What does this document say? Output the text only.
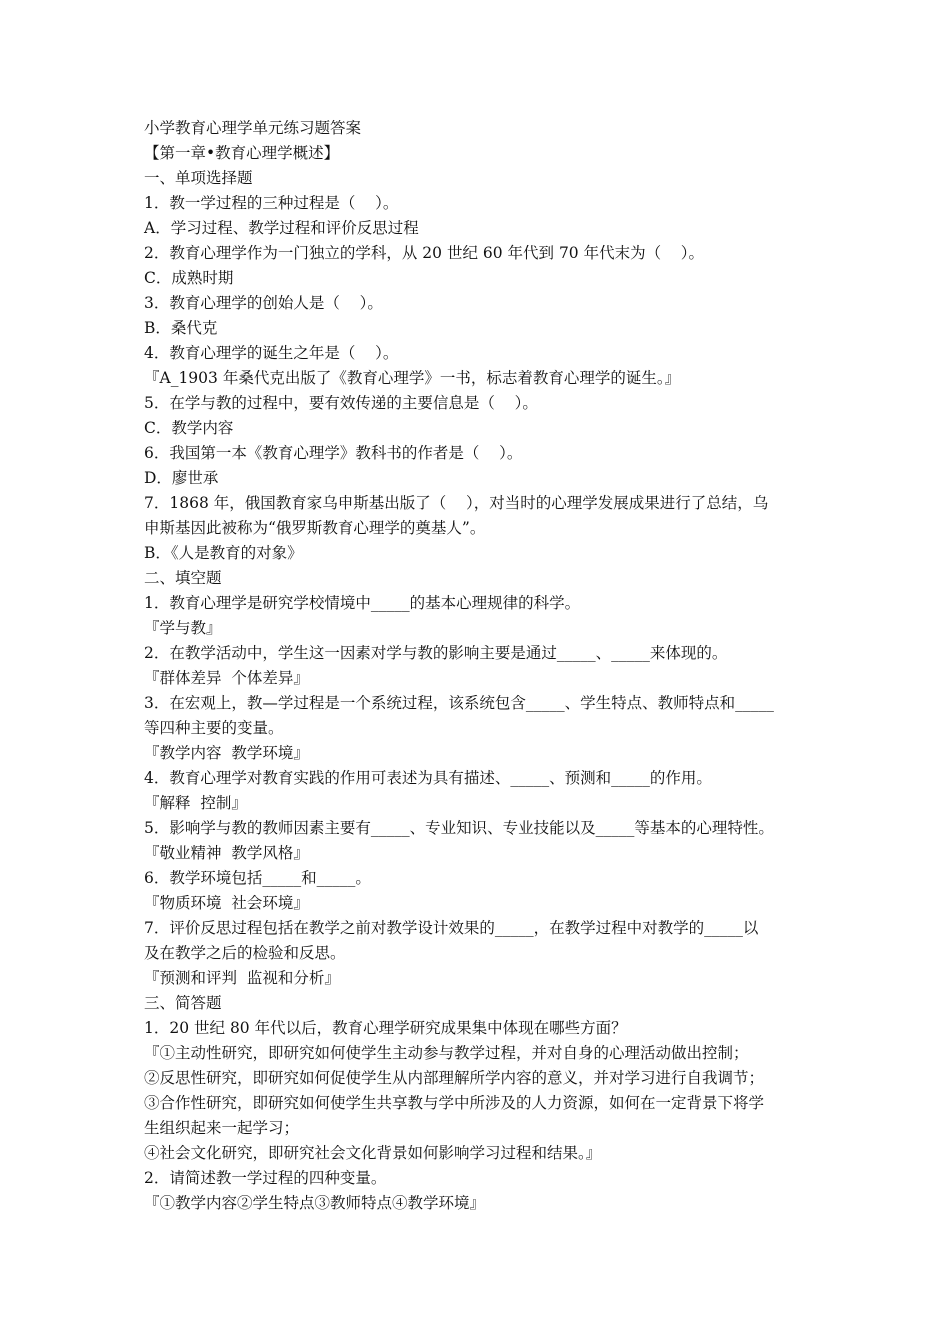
小学教育心理学单元练习题答案
【第一章•教育心理学概述】
一、单项选择题
1．教一学过程的三种过程是（    ）。
A．学习过程、教学过程和评价反思过程
2．教育心理学作为一门独立的学科，从 20 世纪 60 年代到 70 年代末为（    ）。
C．成熟时期
3．教育心理学的创始人是（    ）。
B．桑代克
4．教育心理学的诞生之年是（    ）。
『A_1903 年桑代克出版了《教育心理学》一书，标志着教育心理学的诞生。』
5．在学与教的过程中，要有效传递的主要信息是（    ）。
C．教学内容
6．我国第一本《教育心理学》教科书的作者是（    ）。
D．廖世承
7．1868 年，俄国教育家乌申斯基出版了（    ），对当时的心理学发展成果进行了总结，乌
申斯基因此被称为“俄罗斯教育心理学的奠基人”。
B．《人是教育的对象》
二、填空题
1．教育心理学是研究学校情境中_____的基本心理规律的科学。
『学与教』
2．在教学活动中，学生这一因素对学与教的影响主要是通过_____、_____来体现的。
『群体差异  个体差异』
3．在宏观上，教—学过程是一个系统过程，该系统包含_____、学生特点、教师特点和_____
等四种主要的变量。
『教学内容  教学环境』
4．教育心理学对教育实践的作用可表述为具有描述、_____、预测和_____的作用。
『解释  控制』
5．影响学与教的教师因素主要有_____、专业知识、专业技能以及_____等基本的心理特性。
『敬业精神  教学风格』
6．教学环境包括_____和_____。
『物质环境  社会环境』
7．评价反思过程包括在教学之前对教学设计效果的_____，在教学过程中对教学的_____以
及在教学之后的检验和反思。
『预测和评判  监视和分析』
三、简答题
1．20 世纪 80 年代以后，教育心理学研究成果集中体现在哪些方面？
『①主动性研究，即研究如何使学生主动参与教学过程，并对自身的心理活动做出控制；
②反思性研究，即研究如何促使学生从内部理解所学内容的意义，并对学习进行自我调节；
③合作性研究，即研究如何使学生共享教与学中所涉及的人力资源，如何在一定背景下将学
生组织起来一起学习；
④社会文化研究，即研究社会文化背景如何影响学习过程和结果。』
2．请简述教一学过程的四种变量。
『①教学内容②学生特点③教师特点④教学环境』
